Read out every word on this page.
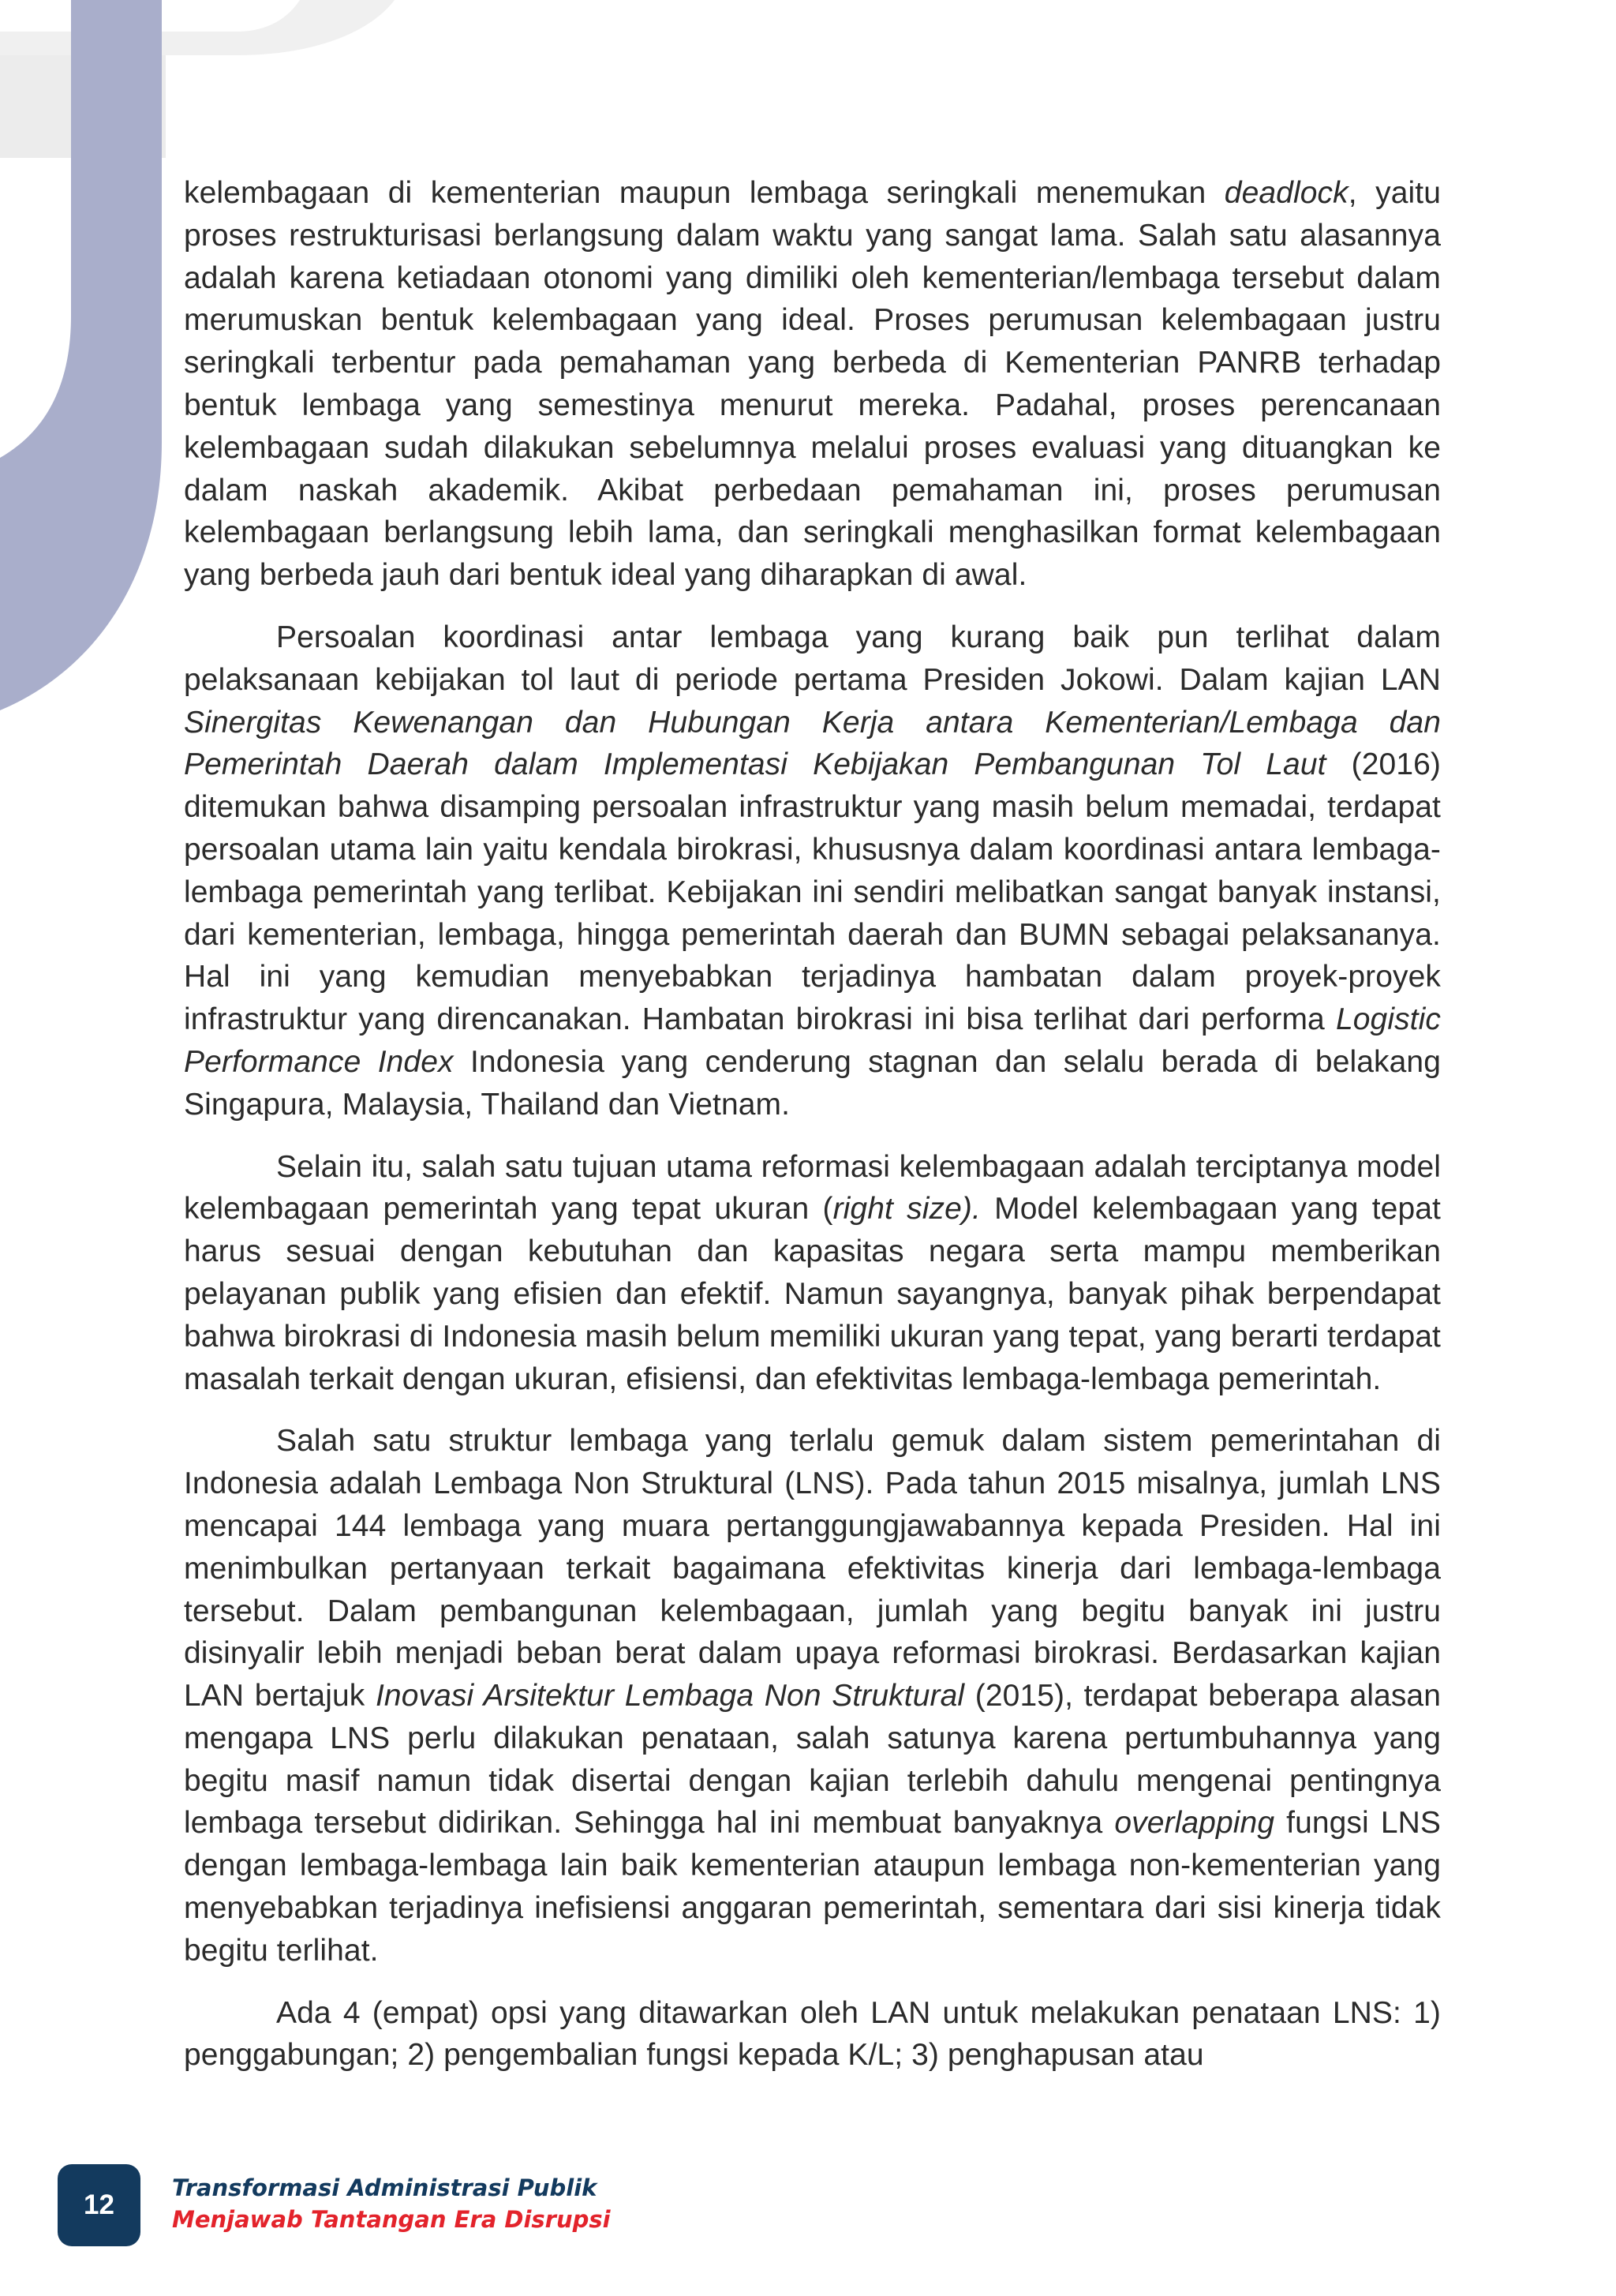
kelembagaan di kementerian maupun lembaga seringkali menemukan deadlock, yaitu proses restrukturisasi berlangsung dalam waktu yang sangat lama. Salah satu alasannya adalah karena ketiadaan otonomi yang dimiliki oleh kementerian/lembaga tersebut dalam merumuskan bentuk kelembagaan yang ideal. Proses perumusan kelembagaan justru seringkali terbentur pada pemahaman yang berbeda di Kementerian PANRB terhadap bentuk lembaga yang semestinya menurut mereka. Padahal, proses perencanaan kelembagaan sudah dilakukan sebelumnya melalui proses evaluasi yang dituangkan ke dalam naskah akademik. Akibat perbedaan pemahaman ini, proses perumusan kelembagaan berlangsung lebih lama, dan seringkali menghasilkan format kelembagaan yang berbeda jauh dari bentuk ideal yang diharapkan di awal.

Persoalan koordinasi antar lembaga yang kurang baik pun terlihat dalam pelaksanaan kebijakan tol laut di periode pertama Presiden Jokowi. Dalam kajian LAN Sinergitas Kewenangan dan Hubungan Kerja antara Kementerian/Lembaga dan Pemerintah Daerah dalam Implementasi Kebijakan Pembangunan Tol Laut (2016) ditemukan bahwa disamping persoalan infrastruktur yang masih belum memadai, terdapat persoalan utama lain yaitu kendala birokrasi, khususnya dalam koordinasi antara lembaga-lembaga pemerintah yang terlibat. Kebijakan ini sendiri melibatkan sangat banyak instansi, dari kementerian, lembaga, hingga pemerintah daerah dan BUMN sebagai pelaksananya. Hal ini yang kemudian menyebabkan terjadinya hambatan dalam proyek-proyek infrastruktur yang direncanakan. Hambatan birokrasi ini bisa terlihat dari performa Logistic Performance Index Indonesia yang cenderung stagnan dan selalu berada di belakang Singapura, Malaysia, Thailand dan Vietnam.

Selain itu, salah satu tujuan utama reformasi kelembagaan adalah terciptanya model kelembagaan pemerintah yang tepat ukuran (right size). Model kelembagaan yang tepat harus sesuai dengan kebutuhan dan kapasitas negara serta mampu memberikan pelayanan publik yang efisien dan efektif. Namun sayangnya, banyak pihak berpendapat bahwa birokrasi di Indonesia masih belum memiliki ukuran yang tepat, yang berarti terdapat masalah terkait dengan ukuran, efisiensi, dan efektivitas lembaga-lembaga pemerintah.

Salah satu struktur lembaga yang terlalu gemuk dalam sistem pemerintahan di Indonesia adalah Lembaga Non Struktural (LNS). Pada tahun 2015 misalnya, jumlah LNS mencapai 144 lembaga yang muara pertanggungjawabannya kepada Presiden. Hal ini menimbulkan pertanyaan terkait bagaimana efektivitas kinerja dari lembaga-lembaga tersebut. Dalam pembangunan kelembagaan, jumlah yang begitu banyak ini justru disinyalir lebih menjadi beban berat dalam upaya reformasi birokrasi. Berdasarkan kajian LAN bertajuk Inovasi Arsitektur Lembaga Non Struktural (2015), terdapat beberapa alasan mengapa LNS perlu dilakukan penataan, salah satunya karena pertumbuhannya yang begitu masif namun tidak disertai dengan kajian terlebih dahulu mengenai pentingnya lembaga tersebut didirikan. Sehingga hal ini membuat banyaknya overlapping fungsi LNS dengan lembaga-lembaga lain baik kementerian ataupun lembaga non-kementerian yang menyebabkan terjadinya inefisiensi anggaran pemerintah, sementara dari sisi kinerja tidak begitu terlihat.

Ada 4 (empat) opsi yang ditawarkan oleh LAN untuk melakukan penataan LNS: 1) penggabungan; 2) pengembalian fungsi kepada K/L; 3) penghapusan atau

12
Transformasi Administrasi Publik
Menjawab Tantangan Era Disrupsi
